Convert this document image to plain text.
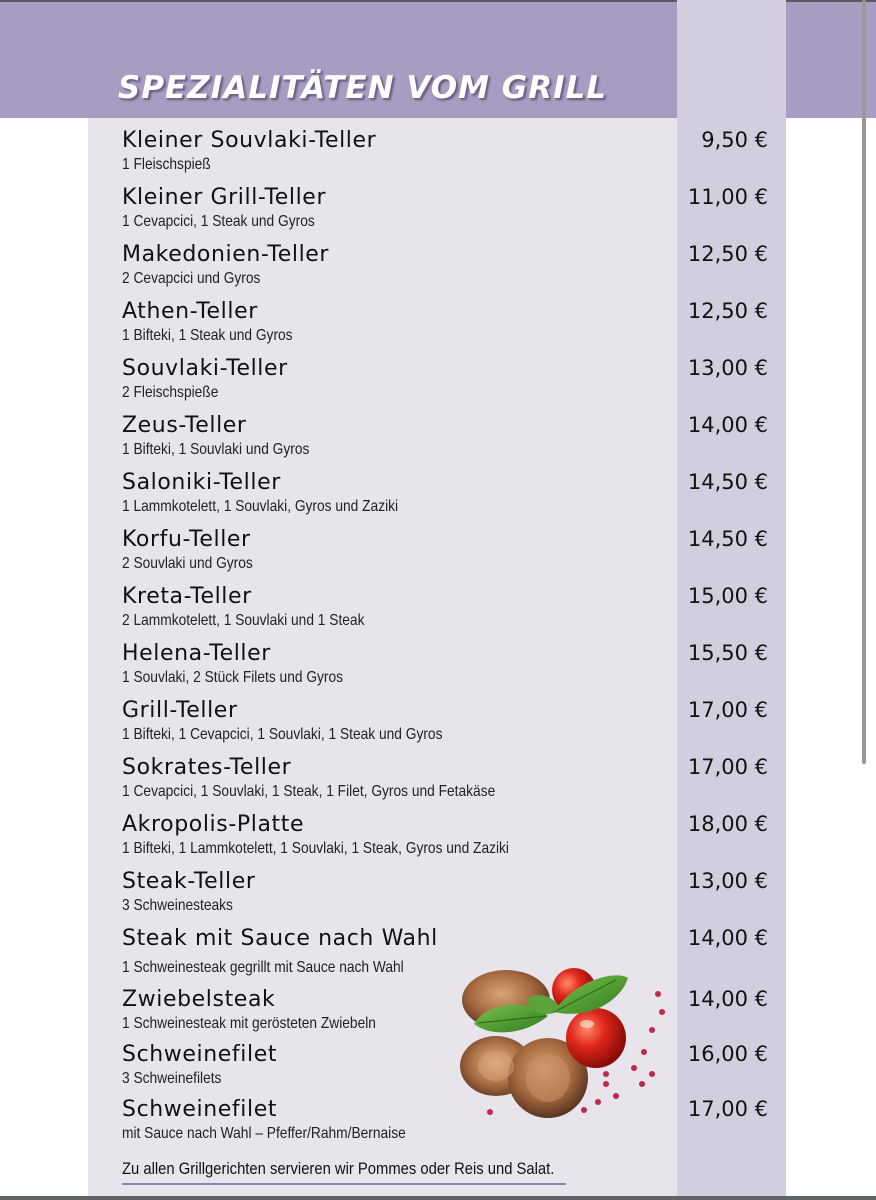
SPEZIALITÄTEN VOM GRILL
Kleiner Souvlaki-Teller
1 Fleischspieß
9,50 €
Kleiner Grill-Teller
1 Cevapcici, 1 Steak und Gyros
11,00 €
Makedonien-Teller
2 Cevapcici und Gyros
12,50 €
Athen-Teller
1 Bifteki, 1 Steak und Gyros
12,50 €
Souvlaki-Teller
2 Fleischspieße
13,00 €
Zeus-Teller
1 Bifteki, 1 Souvlaki und Gyros
14,00 €
Saloniki-Teller
1 Lammkotelett, 1 Souvlaki, Gyros und Zaziki
14,50 €
Korfu-Teller
2 Souvlaki und Gyros
14,50 €
Kreta-Teller
2 Lammkotelett, 1 Souvlaki und 1 Steak
15,00 €
Helena-Teller
1 Souvlaki, 2 Stück Filets und Gyros
15,50 €
Grill-Teller
1 Bifteki, 1 Cevapcici, 1 Souvlaki, 1 Steak und Gyros
17,00 €
Sokrates-Teller
1 Cevapcici, 1 Souvlaki, 1 Steak, 1 Filet, Gyros und Fetakäse
17,00 €
Akropolis-Platte
1 Bifteki, 1 Lammkotelett, 1 Souvlaki, 1 Steak, Gyros und Zaziki
18,00 €
Steak-Teller
3 Schweinesteaks
13,00 €
Steak mit Sauce nach Wahl
1 Schweinesteak gegrillt mit Sauce nach Wahl
14,00 €
Zwiebelsteak
1 Schweinesteak mit gerösteten Zwiebeln
14,00 €
Schweinefilet
3 Schweinefilets
16,00 €
Schweinefilet
mit Sauce nach Wahl – Pfeffer/Rahm/Bernaise
17,00 €
Zu allen Grillgerichten servieren wir Pommes oder Reis und Salat.
